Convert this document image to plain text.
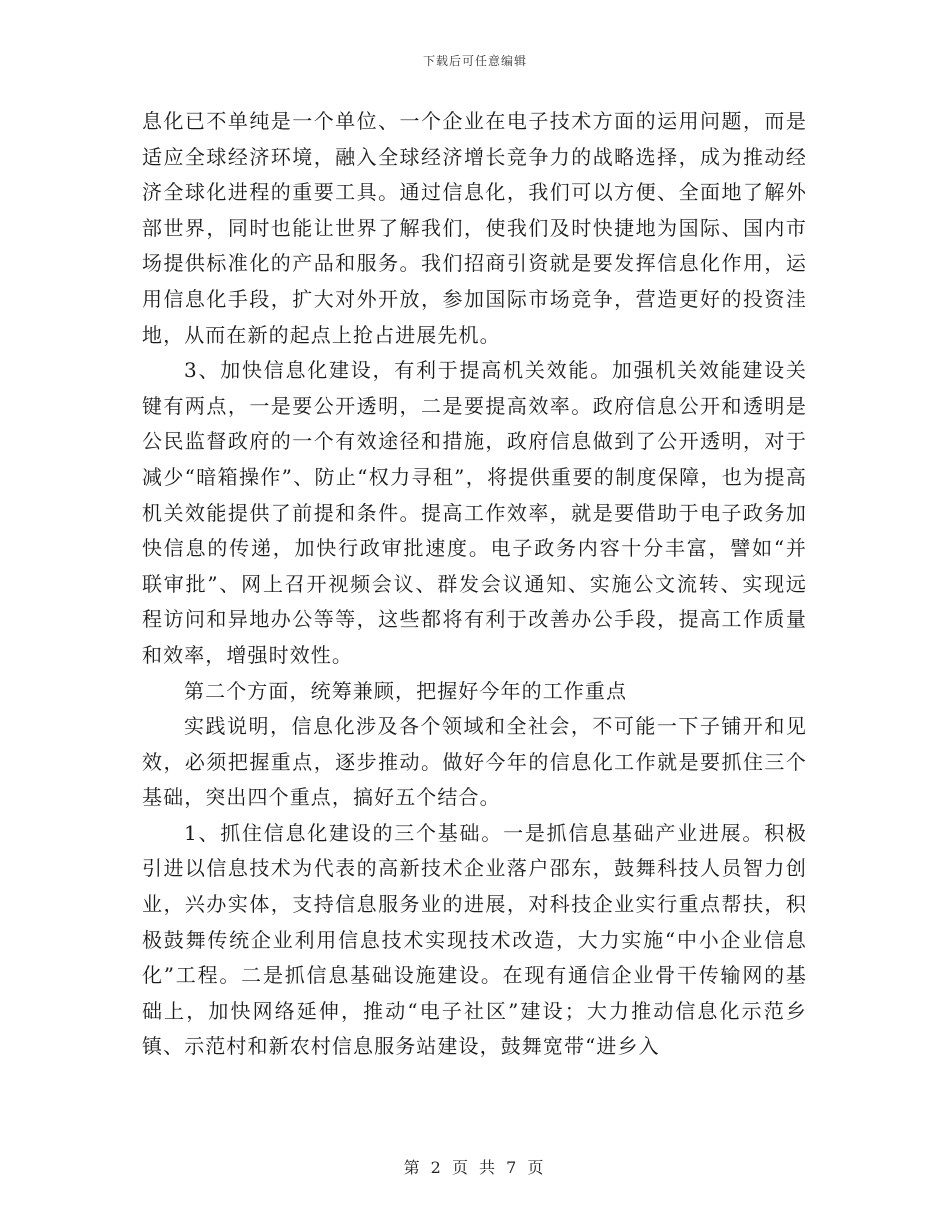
下载后可任意编辑

息化已不单纯是一个单位、一个企业在电子技术方面的运用问题，而是适应全球经济环境，融入全球经济增长竞争力的战略选择，成为推动经济全球化进程的重要工具。通过信息化，我们可以方便、全面地了解外部世界，同时也能让世界了解我们，使我们及时快捷地为国际、国内市场提供标准化的产品和服务。我们招商引资就是要发挥信息化作用，运用信息化手段，扩大对外开放，参加国际市场竞争，营造更好的投资洼地，从而在新的起点上抢占进展先机。

3、加快信息化建设，有利于提高机关效能。加强机关效能建设关键有两点，一是要公开透明，二是要提高效率。政府信息公开和透明是公民监督政府的一个有效途径和措施，政府信息做到了公开透明，对于减少“暗箱操作”、防止“权力寻租”，将提供重要的制度保障，也为提高机关效能提供了前提和条件。提高工作效率，就是要借助于电子政务加快信息的传递，加快行政审批速度。电子政务内容十分丰富，譬如“并联审批”、网上召开视频会议、群发会议通知、实施公文流转、实现远程访问和异地办公等等，这些都将有利于改善办公手段，提高工作质量和效率，增强时效性。

第二个方面，统筹兼顾，把握好今年的工作重点

实践说明，信息化涉及各个领域和全社会，不可能一下子铺开和见效，必须把握重点，逐步推动。做好今年的信息化工作就是要抓住三个基础，突出四个重点，搞好五个结合。

1、抓住信息化建设的三个基础。一是抓信息基础产业进展。积极引进以信息技术为代表的高新技术企业落户邵东，鼓舞科技人员智力创业，兴办实体，支持信息服务业的进展，对科技企业实行重点帮扶，积极鼓舞传统企业利用信息技术实现技术改造，大力实施“中小企业信息化”工程。二是抓信息基础设施建设。在现有通信企业骨干传输网的基础上，加快网络延伸，推动“电子社区”建设；大力推动信息化示范乡镇、示范村和新农村信息服务站建设，鼓舞宽带“进乡入

第 2 页 共 7 页
